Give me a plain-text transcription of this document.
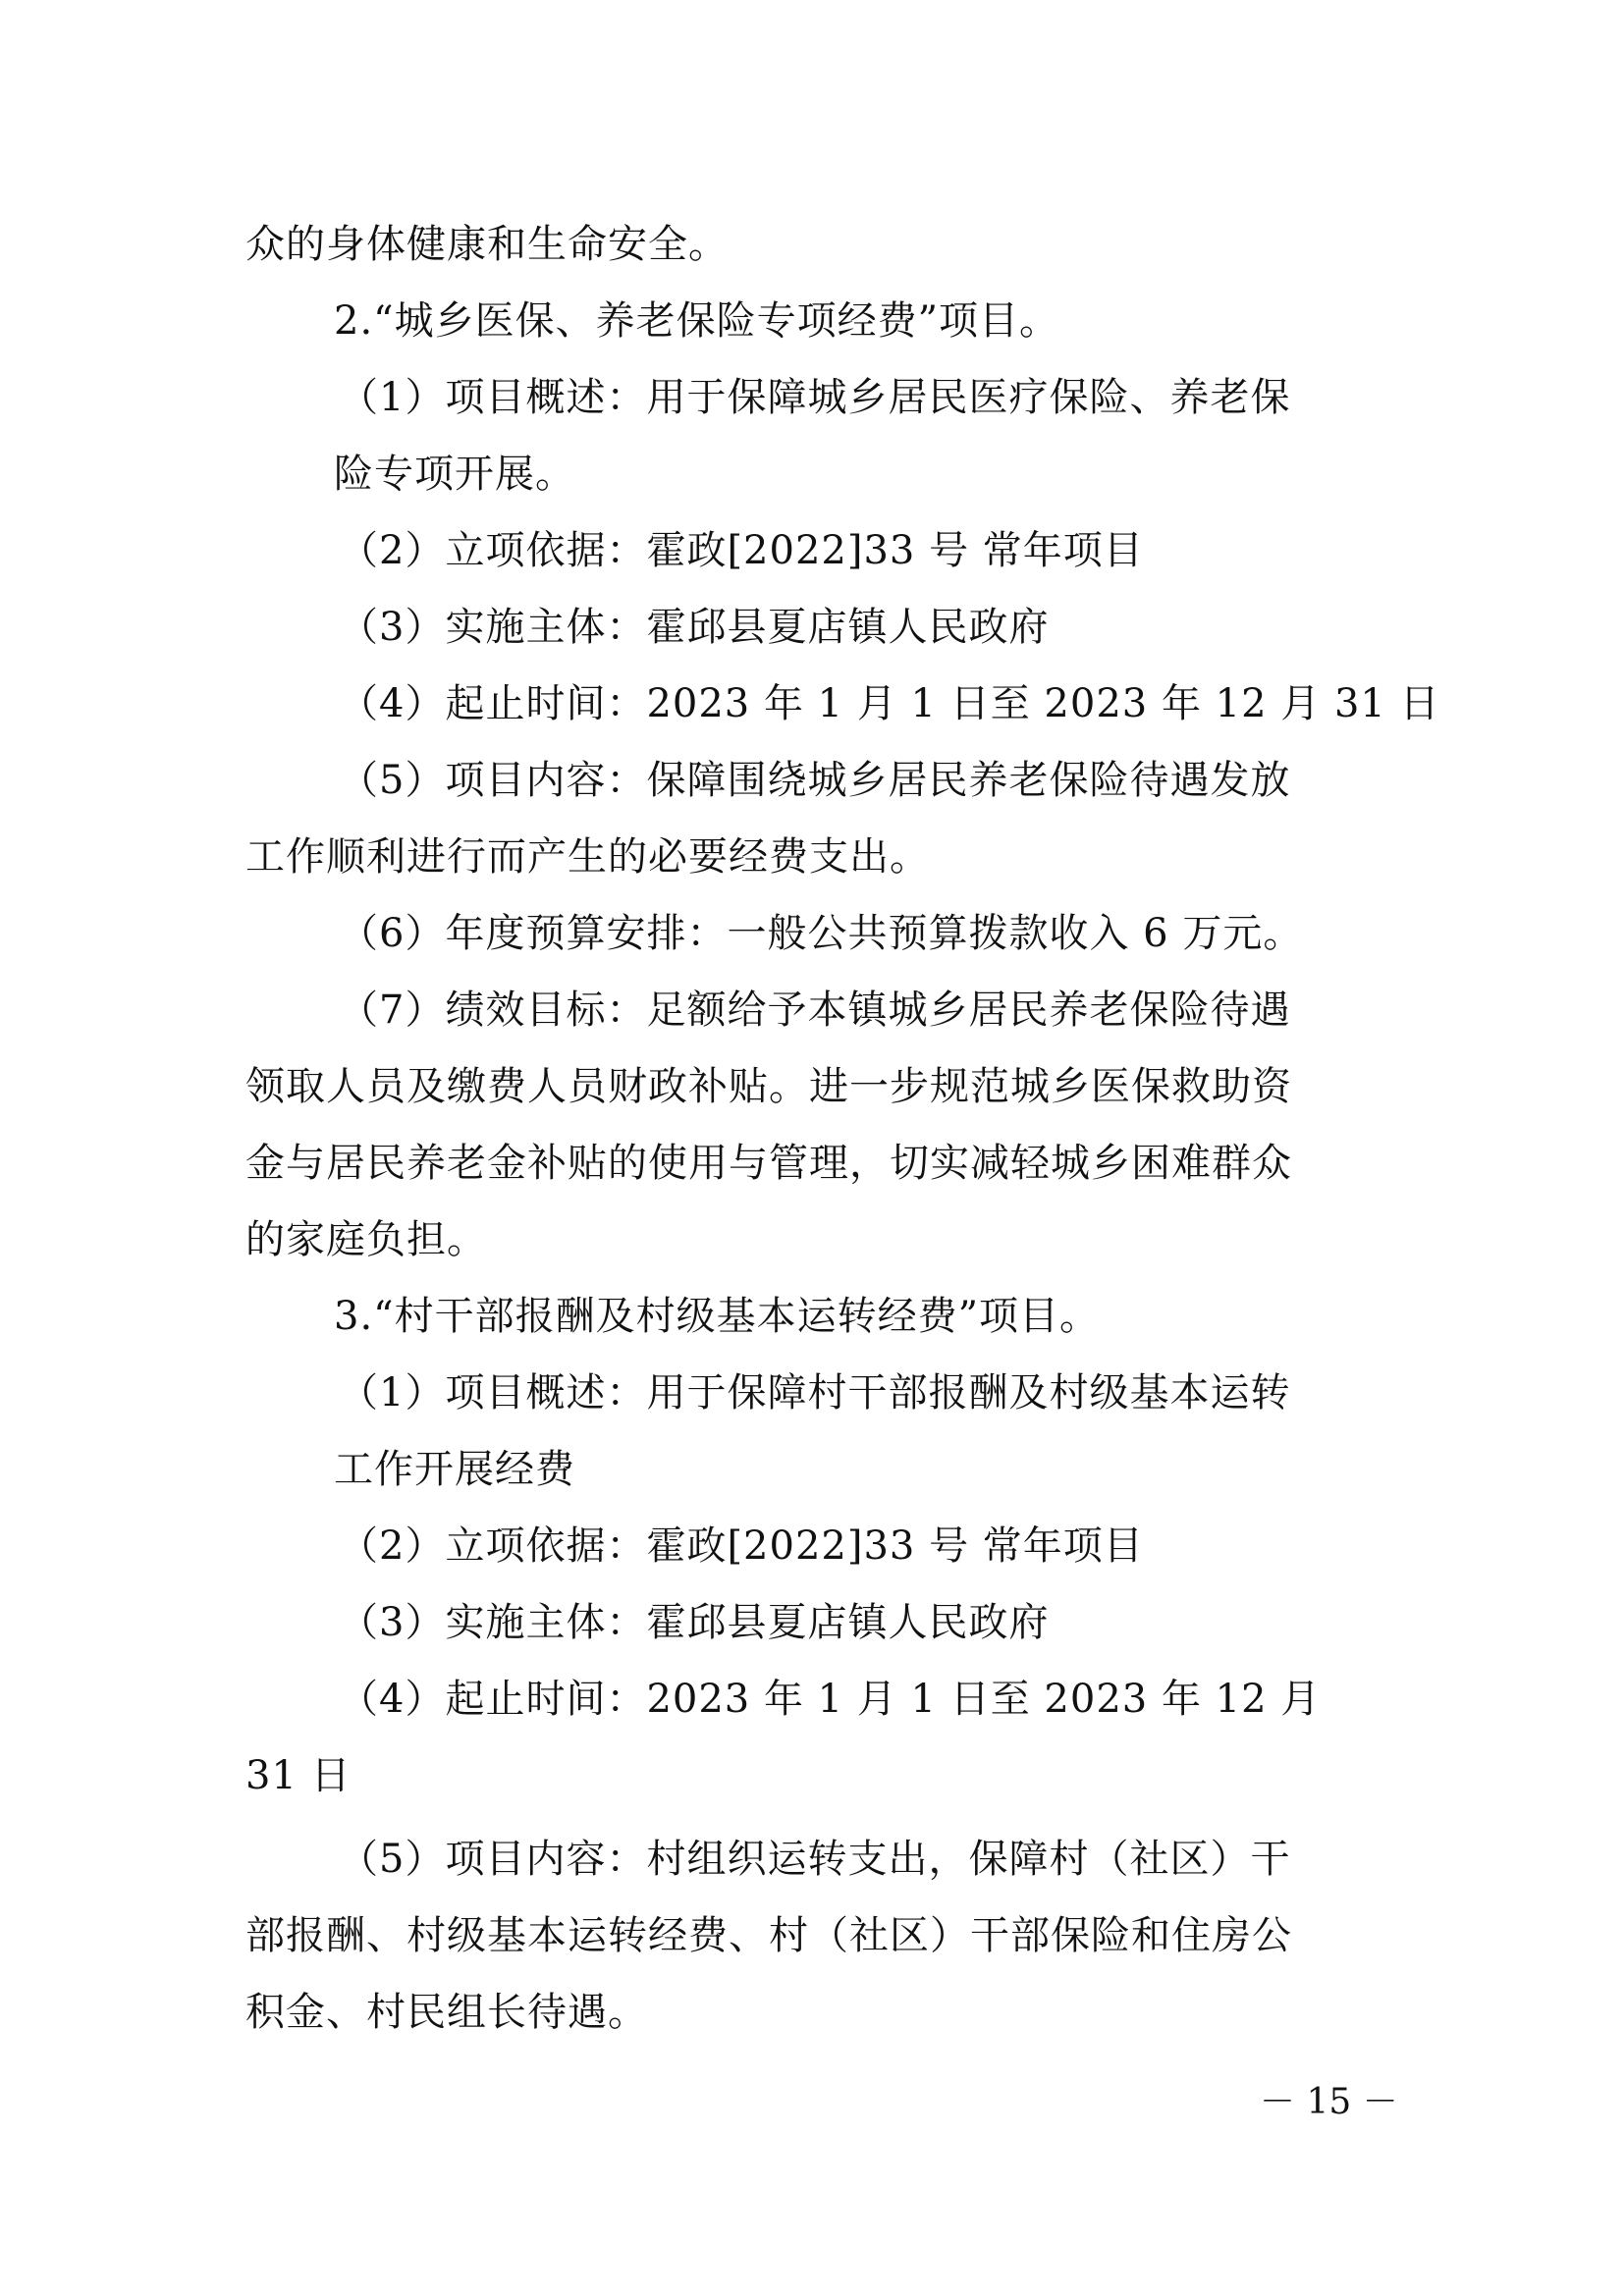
众的身体健康和生命安全。
2.“城乡医保、养老保险专项经费”项目。
（1）项目概述：用于保障城乡居民医疗保险、养老保
险专项开展。
（2）立项依据：霍政[2022]33 号 常年项目
（3）实施主体：霍邱县夏店镇人民政府
（4）起止时间：2023 年 1 月 1 日至 2023 年 12 月 31 日
（5）项目内容：保障围绕城乡居民养老保险待遇发放
工作顺利进行而产生的必要经费支出。
（6）年度预算安排：一般公共预算拨款收入 6 万元。
（7）绩效目标：足额给予本镇城乡居民养老保险待遇
领取人员及缴费人员财政补贴。进一步规范城乡医保救助资
金与居民养老金补贴的使用与管理，切实减轻城乡困难群众
的家庭负担。
3.“村干部报酬及村级基本运转经费”项目。
（1）项目概述：用于保障村干部报酬及村级基本运转
工作开展经费
（2）立项依据：霍政[2022]33 号 常年项目
（3）实施主体：霍邱县夏店镇人民政府
（4）起止时间：2023 年 1 月 1 日至 2023 年 12 月
31 日
（5）项目内容：村组织运转支出，保障村（社区）干
部报酬、村级基本运转经费、村（社区）干部保险和住房公
积金、村民组长待遇。
－ 15 －
